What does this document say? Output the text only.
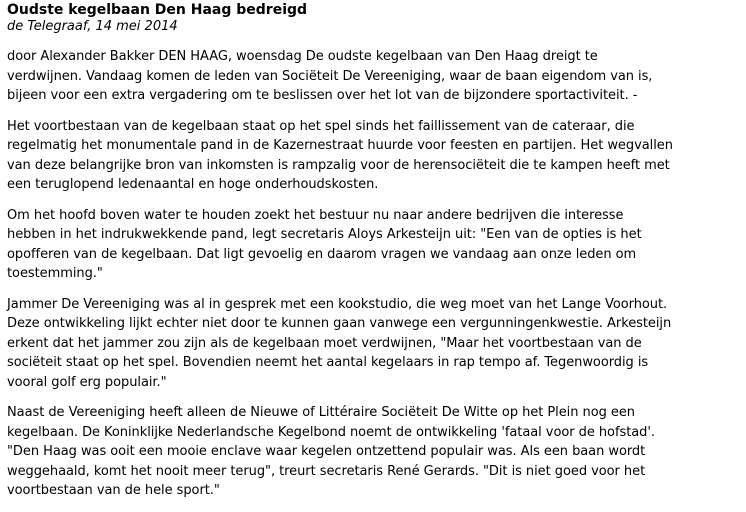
Oudste kegelbaan Den Haag bedreigd
de Telegraaf, 14 mei 2014

door Alexander Bakker DEN HAAG, woensdag De oudste kegelbaan van Den Haag dreigt te
verdwijnen. Vandaag komen de leden van Sociëteit De Vereeniging, waar de baan eigendom van is,
bijeen voor een extra vergadering om te beslissen over het lot van de bijzondere sportactiviteit. -

Het voortbestaan van de kegelbaan staat op het spel sinds het faillissement van de cateraar, die
regelmatig het monumentale pand in de Kazernestraat huurde voor feesten en partijen. Het wegvallen
van deze belangrijke bron van inkomsten is rampzalig voor de herensociëteit die te kampen heeft met
een teruglopend ledenaantal en hoge onderhoudskosten.

Om het hoofd boven water te houden zoekt het bestuur nu naar andere bedrijven die interesse
hebben in het indrukwekkende pand, legt secretaris Aloys Arkesteijn uit: "Een van de opties is het
opofferen van de kegelbaan. Dat ligt gevoelig en daarom vragen we vandaag aan onze leden om
toestemming."

Jammer De Vereeniging was al in gesprek met een kookstudio, die weg moet van het Lange Voorhout.
Deze ontwikkeling lijkt echter niet door te kunnen gaan vanwege een vergunningenkwestie. Arkesteijn
erkent dat het jammer zou zijn als de kegelbaan moet verdwijnen, "Maar het voortbestaan van de
sociëteit staat op het spel. Bovendien neemt het aantal kegelaars in rap tempo af. Tegenwoordig is
vooral golf erg populair."

Naast de Vereeniging heeft alleen de Nieuwe of Littéraire Sociëteit De Witte op het Plein nog een
kegelbaan. De Koninklijke Nederlandsche Kegelbond noemt de ontwikkeling 'fataal voor de hofstad'.
"Den Haag was ooit een mooie enclave waar kegelen ontzettend populair was. Als een baan wordt
weggehaald, komt het nooit meer terug", treurt secretaris René Gerards. "Dit is niet goed voor het
voortbestaan van de hele sport."
